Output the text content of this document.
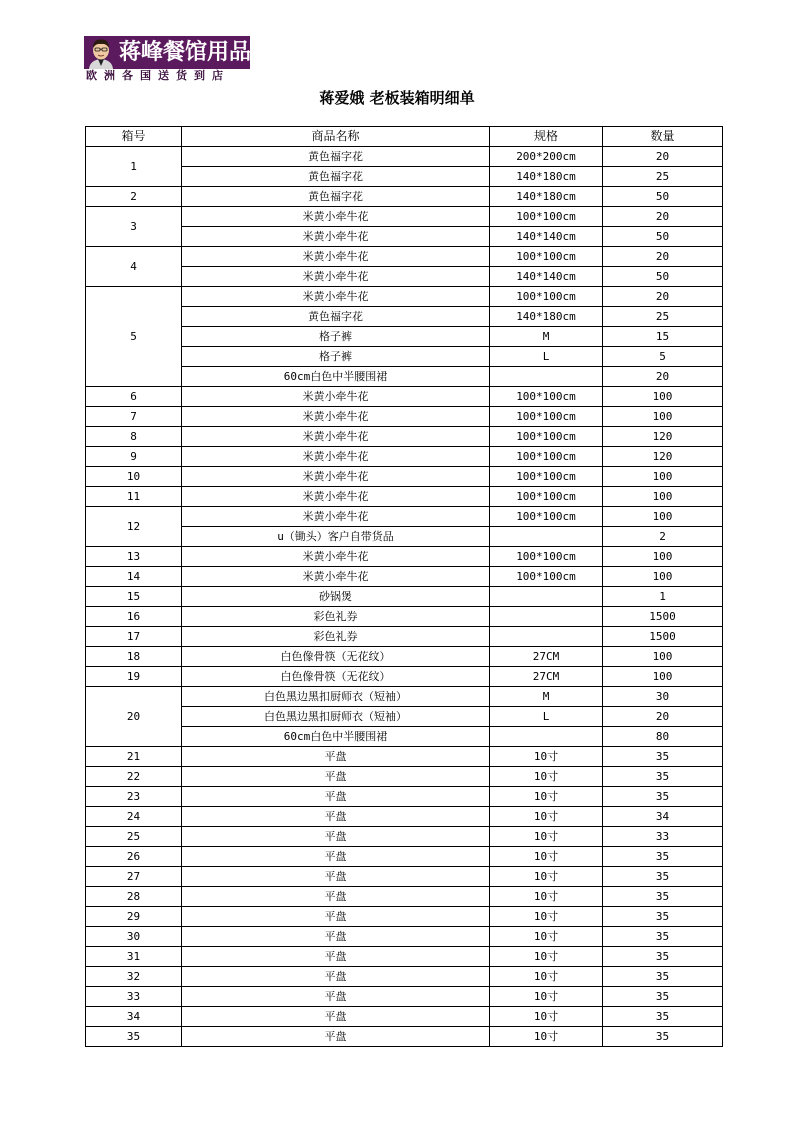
蒋峰餐馆用品
欧洲各国送货到店
蒋爱娥 老板装箱明细单
箱号	商品名称	规格	数量
1	黄色福字花	200*200cm	20
	黄色福字花	140*180cm	25
2	黄色福字花	140*180cm	50
3	米黄小牵牛花	100*100cm	20
	米黄小牵牛花	140*140cm	50
4	米黄小牵牛花	100*100cm	20
	米黄小牵牛花	140*140cm	50
5	米黄小牵牛花	100*100cm	20
	黄色福字花	140*180cm	25
	格子裤	M	15
	格子裤	L	5
	60cm白色中半腰围裙		20
6	米黄小牵牛花	100*100cm	100
7	米黄小牵牛花	100*100cm	100
8	米黄小牵牛花	100*100cm	120
9	米黄小牵牛花	100*100cm	120
10	米黄小牵牛花	100*100cm	100
11	米黄小牵牛花	100*100cm	100
12	米黄小牵牛花	100*100cm	100
	u（锄头）客户自带货品		2
13	米黄小牵牛花	100*100cm	100
14	米黄小牵牛花	100*100cm	100
15	砂锅煲		1
16	彩色礼券		1500
17	彩色礼券		1500
18	白色像骨筷（无花纹）	27CM	100
19	白色像骨筷（无花纹）	27CM	100
20	白色黑边黑扣厨师衣（短袖）	M	30
	白色黑边黑扣厨师衣（短袖）	L	20
	60cm白色中半腰围裙		80
21	平盘	10寸	35
22	平盘	10寸	35
23	平盘	10寸	35
24	平盘	10寸	34
25	平盘	10寸	33
26	平盘	10寸	35
27	平盘	10寸	35
28	平盘	10寸	35
29	平盘	10寸	35
30	平盘	10寸	35
31	平盘	10寸	35
32	平盘	10寸	35
33	平盘	10寸	35
34	平盘	10寸	35
35	平盘	10寸	35
